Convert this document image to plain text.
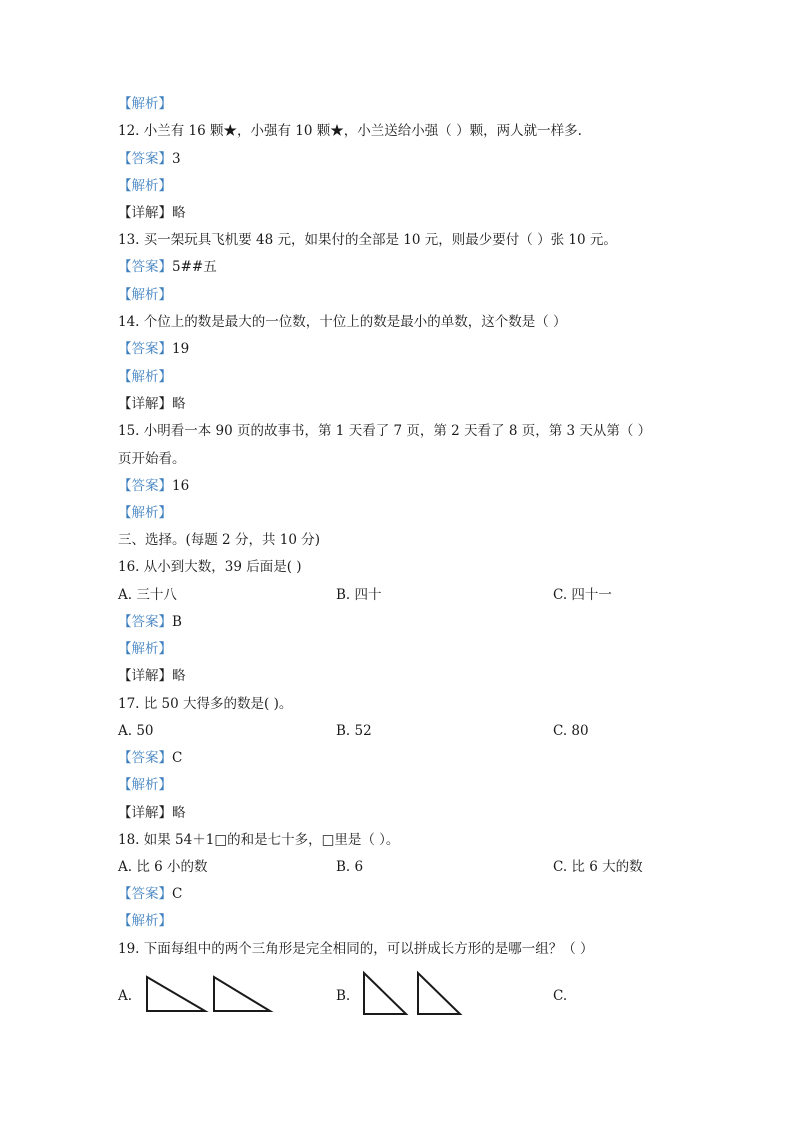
【解析】
12. 小兰有 16 颗★，小强有 10 颗★，小兰送给小强（ ）颗，两人就一样多.
【答案】3
【解析】
【详解】略
13. 买一架玩具飞机要 48 元，如果付的全部是 10 元，则最少要付（ ）张 10 元。
【答案】5##五
【解析】
14. 个位上的数是最大的一位数，十位上的数是最小的单数，这个数是（ ）
【答案】19
【解析】
【详解】略
15. 小明看一本 90 页的故事书，第 1 天看了 7 页，第 2 天看了 8 页，第 3 天从第（ ）
页开始看。
【答案】16
【解析】
三、选择。(每题 2 分，共 10 分)
16. 从小到大数，39 后面是( )
A. 三十八	B. 四十	C. 四十一
【答案】B
【解析】
【详解】略
17. 比 50 大得多的数是( )。
A. 50	B. 52	C. 80
【答案】C
【解析】
【详解】略
18. 如果 54＋1□的和是七十多，□里是（ ）。
A. 比 6 小的数	B. 6	C. 比 6 大的数
【答案】C
【解析】
19. 下面每组中的两个三角形是完全相同的，可以拼成长方形的是哪一组？（ ）
A.	B.	C.
